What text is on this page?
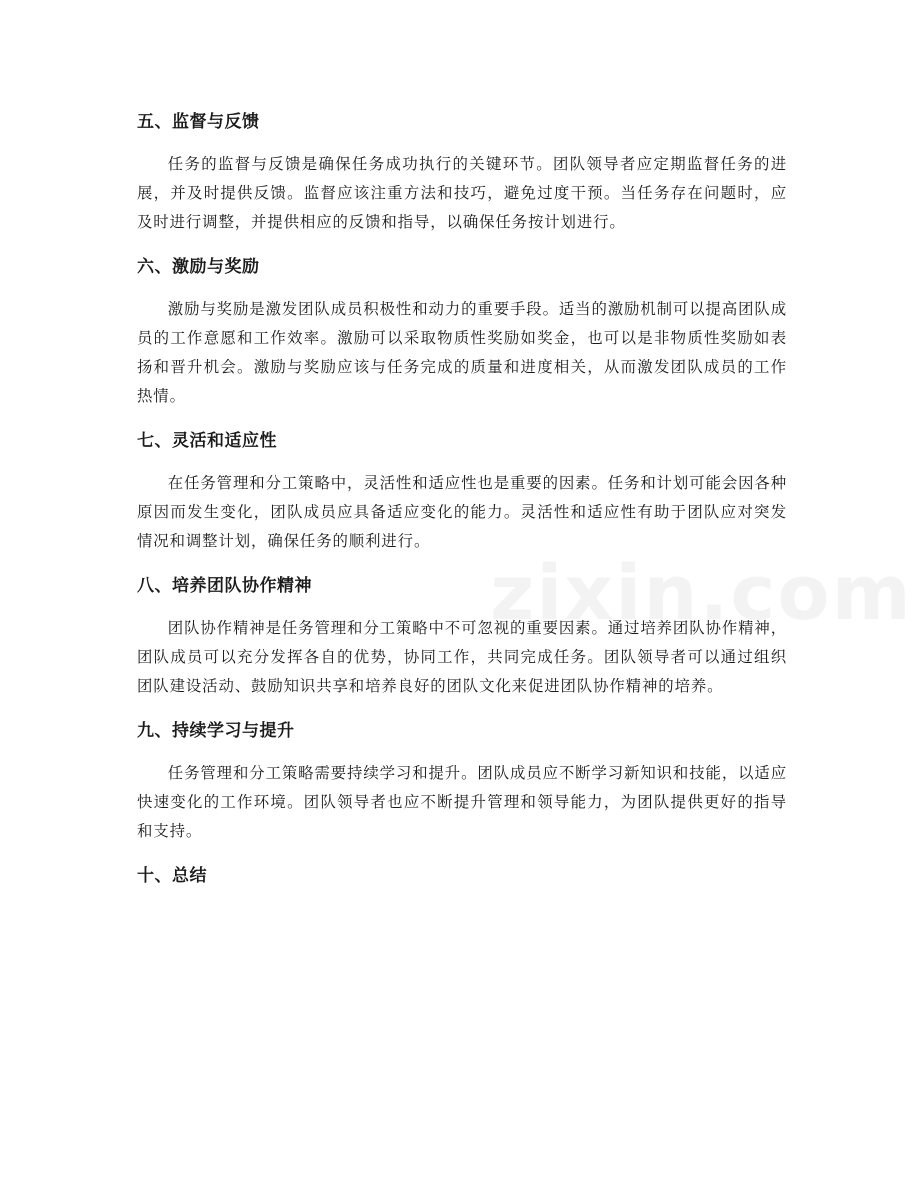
五、监督与反馈

任务的监督与反馈是确保任务成功执行的关键环节。团队领导者应定期监督任务的进展，并及时提供反馈。监督应该注重方法和技巧，避免过度干预。当任务存在问题时，应及时进行调整，并提供相应的反馈和指导，以确保任务按计划进行。

六、激励与奖励

激励与奖励是激发团队成员积极性和动力的重要手段。适当的激励机制可以提高团队成员的工作意愿和工作效率。激励可以采取物质性奖励如奖金，也可以是非物质性奖励如表扬和晋升机会。激励与奖励应该与任务完成的质量和进度相关，从而激发团队成员的工作热情。

七、灵活和适应性

在任务管理和分工策略中，灵活性和适应性也是重要的因素。任务和计划可能会因各种原因而发生变化，团队成员应具备适应变化的能力。灵活性和适应性有助于团队应对突发情况和调整计划，确保任务的顺利进行。

八、培养团队协作精神

团队协作精神是任务管理和分工策略中不可忽视的重要因素。通过培养团队协作精神，团队成员可以充分发挥各自的优势，协同工作，共同完成任务。团队领导者可以通过组织团队建设活动、鼓励知识共享和培养良好的团队文化来促进团队协作精神的培养。

九、持续学习与提升

任务管理和分工策略需要持续学习和提升。团队成员应不断学习新知识和技能，以适应快速变化的工作环境。团队领导者也应不断提升管理和领导能力，为团队提供更好的指导和支持。

十、总结
